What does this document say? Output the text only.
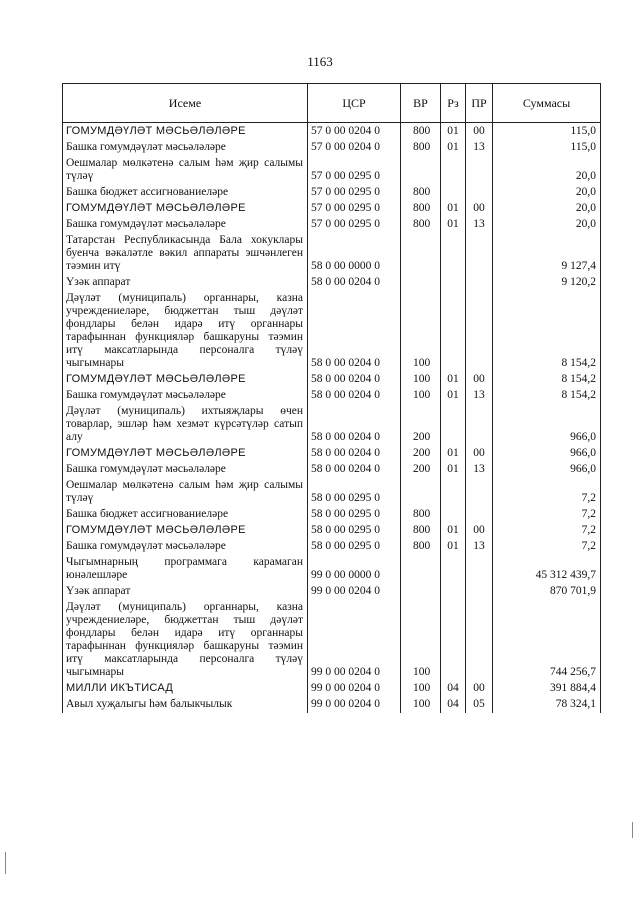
1163
Исеме	ЦСР	ВР	Рз	ПР	Суммасы
ГОМУМДӘҮЛӘТ МӘСЬӘЛӘЛӘРЕ	57 0 00 0204 0	800	01	00	115,0
Башка гомумдәүләт мәсьәләләре	57 0 00 0204 0	800	01	13	115,0
Оешмалар мөлкәтенә салым һәм җир салымы түләү	57 0 00 0295 0				20,0
Башка бюджет ассигнованиеләре	57 0 00 0295 0	800			20,0
ГОМУМДӘҮЛӘТ МӘСЬӘЛӘЛӘРЕ	57 0 00 0295 0	800	01	00	20,0
Башка гомумдәүләт мәсьәләләре	57 0 00 0295 0	800	01	13	20,0
Татарстан Республикасында Бала хокуклары буенча вәкаләтле вәкил аппараты эшчәнлеген тәэмин итү	58 0 00 0000 0				9 127,4
Үзәк аппарат	58 0 00 0204 0				9 120,2
Дәүләт (муниципаль) органнары, казна учреждениеләре, бюджеттан тыш дәүләт фондлары белән идарә итү органнары тарафыннан функцияләр башкаруны тәэмин итү максатларында персоналга түләү чыгымнары	58 0 00 0204 0	100			8 154,2
ГОМУМДӘҮЛӘТ МӘСЬӘЛӘЛӘРЕ	58 0 00 0204 0	100	01	00	8 154,2
Башка гомумдәүләт мәсьәләләре	58 0 00 0204 0	100	01	13	8 154,2
Дәүләт (муниципаль) ихтыяҗлары өчен товарлар, эшләр һәм хезмәт күрсәтүләр сатып алу	58 0 00 0204 0	200			966,0
ГОМУМДӘҮЛӘТ МӘСЬӘЛӘЛӘРЕ	58 0 00 0204 0	200	01	00	966,0
Башка гомумдәүләт мәсьәләләре	58 0 00 0204 0	200	01	13	966,0
Оешмалар мөлкәтенә салым һәм җир салымы түләү	58 0 00 0295 0				7,2
Башка бюджет ассигнованиеләре	58 0 00 0295 0	800			7,2
ГОМУМДӘҮЛӘТ МӘСЬӘЛӘЛӘРЕ	58 0 00 0295 0	800	01	00	7,2
Башка гомумдәүләт мәсьәләләре	58 0 00 0295 0	800	01	13	7,2
Чыгымнарның программага карамаган юнәлешләре	99 0 00 0000 0				45 312 439,7
Үзәк аппарат	99 0 00 0204 0				870 701,9
Дәүләт (муниципаль) органнары, казна учреждениеләре, бюджеттан тыш дәүләт фондлары белән идарә итү органнары тарафыннан функцияләр башкаруны тәэмин итү максатларында персоналга түләү чыгымнары	99 0 00 0204 0	100			744 256,7
МИЛЛИ ИКЪТИСАД	99 0 00 0204 0	100	04	00	391 884,4
Авыл хуҗалыгы һәм балыкчылык	99 0 00 0204 0	100	04	05	78 324,1
